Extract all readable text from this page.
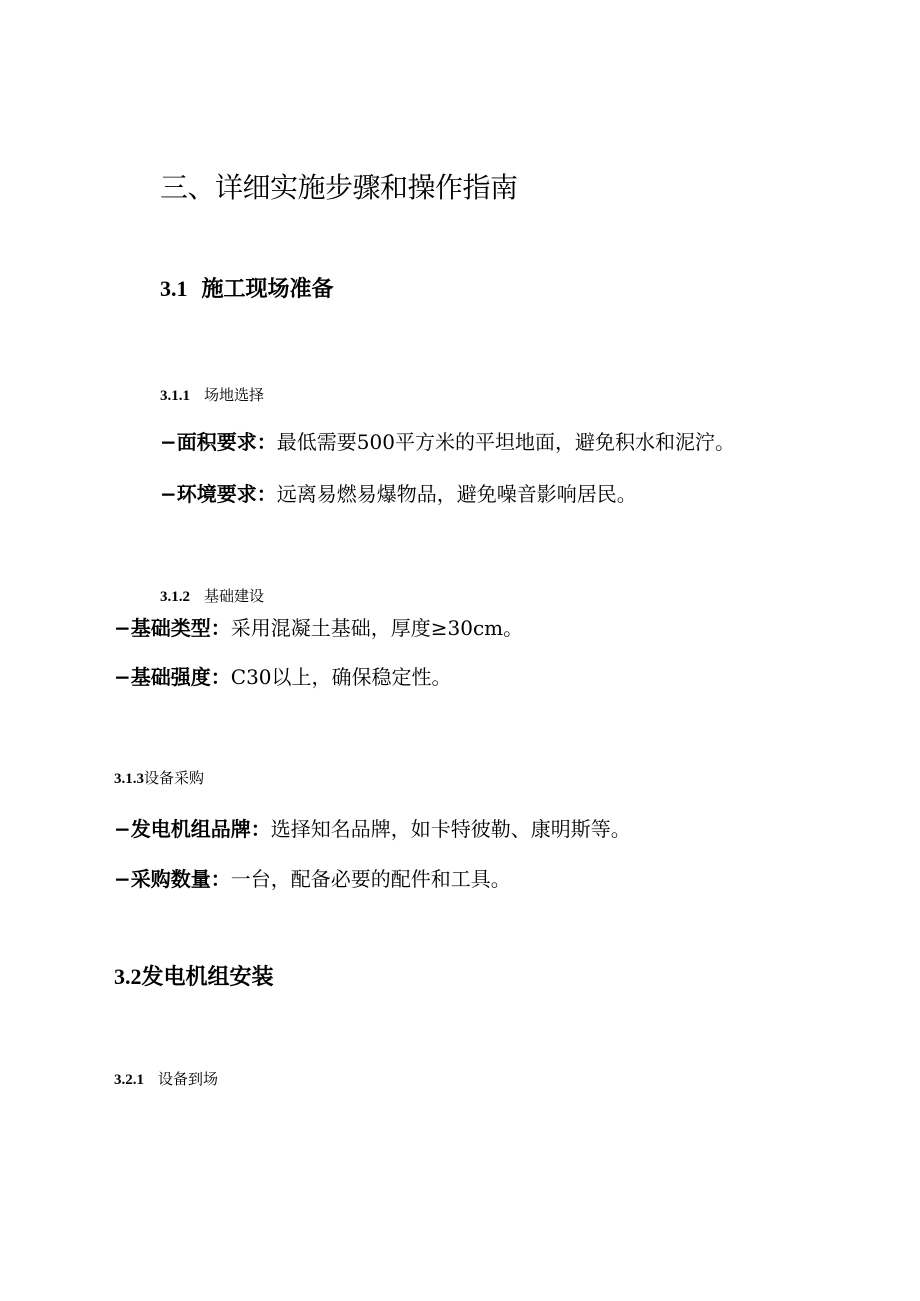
三、详细实施步骤和操作指南
3.1 施工现场准备
3.1.1 场地选择

−面积要求：最低需要500平方米的平坦地面，避免积水和泥泞。

−环境要求：远离易燃易爆物品，避免噪音影响居民。

3.1.2 基础建设

−基础类型：采用混凝土基础，厚度≥30cm。

−基础强度：C30以上，确保稳定性。

3.1.3设备采购

−发电机组品牌：选择知名品牌，如卡特彼勒、康明斯等。

−采购数量：一台，配备必要的配件和工具。

3.2发电机组安装
3.2.1 设备到场
